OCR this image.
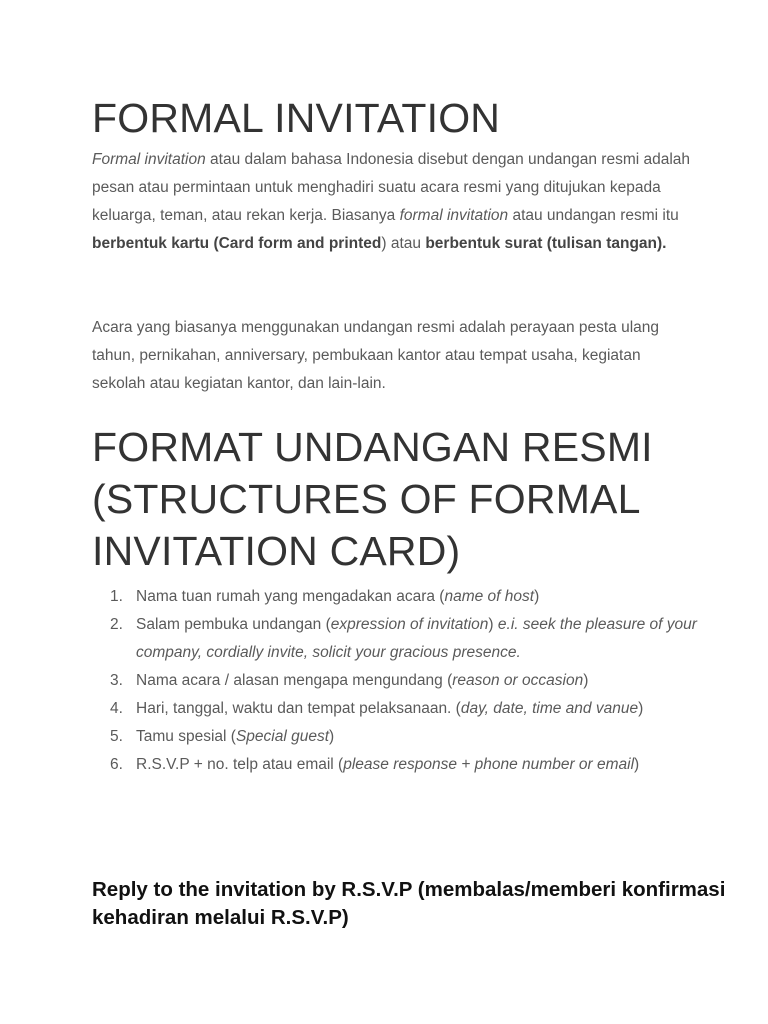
FORMAL INVITATION

Formal invitation atau dalam bahasa Indonesia disebut dengan undangan resmi adalah pesan atau permintaan untuk menghadiri suatu acara resmi yang ditujukan kepada keluarga, teman, atau rekan kerja. Biasanya formal invitation atau undangan resmi itu berbentuk kartu (Card form and printed) atau berbentuk surat (tulisan tangan).

Acara yang biasanya menggunakan undangan resmi adalah perayaan pesta ulang tahun, pernikahan, anniversary, pembukaan kantor atau tempat usaha, kegiatan sekolah atau kegiatan kantor, dan lain-lain.

FORMAT UNDANGAN RESMI (STRUCTURES OF FORMAL INVITATION CARD)
1. Nama tuan rumah yang mengadakan acara (name of host)
2. Salam pembuka undangan (expression of invitation) e.i. seek the pleasure of your company, cordially invite, solicit your gracious presence.
3. Nama acara / alasan mengapa mengundang (reason or occasion)
4. Hari, tanggal, waktu dan tempat pelaksanaan. (day, date, time and vanue)
5. Tamu spesial (Special guest)
6. R.S.V.P + no. telp atau email (please response + phone number or email)
Reply to the invitation by R.S.V.P (membalas/memberi konfirmasi kehadiran melalui R.S.V.P)
